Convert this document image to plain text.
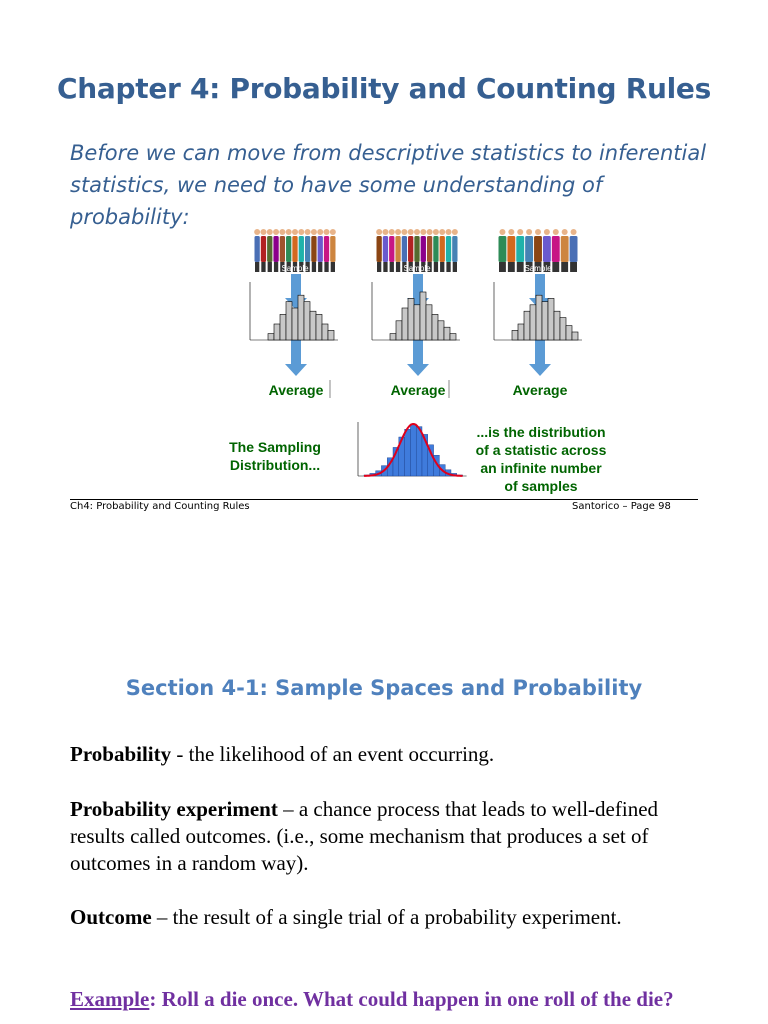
Chapter 4: Probability and Counting Rules
Before we can move from descriptive statistics to inferential statistics, we need to have some understanding of probability:
Sample	Sample	Sample
Average	Average	Average
The Sampling
Distribution...
...is the distribution
of a statistic across
an infinite number
of samples
Ch4: Probability and Counting Rules	Santorico – Page 98
Section 4-1: Sample Spaces and Probability
Probability - the likelihood of an event occurring.
Probability experiment – a chance process that leads to well-defined results called outcomes. (i.e., some mechanism that produces a set of outcomes in a random way).
Outcome – the result of a single trial of a probability experiment.
Example: Roll a die once. What could happen in one roll of the die?
